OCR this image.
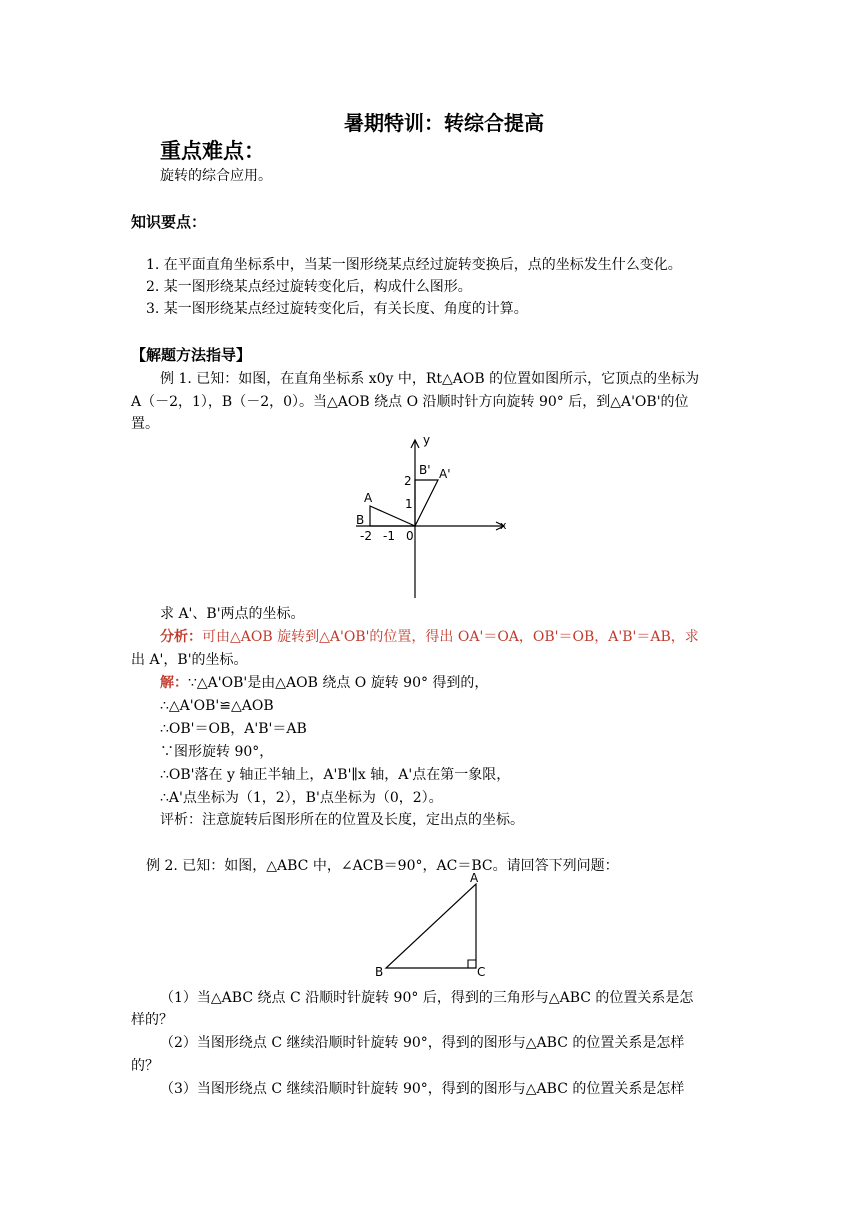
暑期特训：转综合提高
重点难点：
旋转的综合应用。
知识要点：
1. 在平面直角坐标系中，当某一图形绕某点经过旋转变换后，点的坐标发生什么变化。
2. 某一图形绕某点经过旋转变化后，构成什么图形。
3. 某一图形绕某点经过旋转变化后，有关长度、角度的计算。
【解题方法指导】
例 1. 已知：如图，在直角坐标系 x0y 中，Rt△AOB 的位置如图所示，它顶点的坐标为
A（－2，1），B（－2，0）。当△AOB 绕点 O 沿顺时针方向旋转 90° 后，到△A'OB'的位
置。
y
x
A
B
B' A'
2
1
-2 -1 0
求 A'、B'两点的坐标。
分析：可由△AOB 旋转到△A'OB'的位置，得出 OA'＝OA，OB'＝OB，A'B'＝AB，求
出 A'，B'的坐标。
解：∵△A'OB'是由△AOB 绕点 O 旋转 90° 得到的，
∴△A'OB'≌△AOB
∴OB'＝OB，A'B'＝AB
∵图形旋转 90°，
∴OB'落在 y 轴正半轴上，A'B'∥x 轴，A'点在第一象限，
∴A'点坐标为（1，2），B'点坐标为（0，2）。
评析：注意旋转后图形所在的位置及长度，定出点的坐标。
例 2. 已知：如图，△ABC 中，∠ACB＝90°，AC＝BC。请回答下列问题：
A
B	C
（1）当△ABC 绕点 C 沿顺时针旋转 90° 后，得到的三角形与△ABC 的位置关系是怎
样的？
（2）当图形绕点 C 继续沿顺时针旋转 90°，得到的图形与△ABC 的位置关系是怎样
的？
（3）当图形绕点 C 继续沿顺时针旋转 90°，得到的图形与△ABC 的位置关系是怎样
